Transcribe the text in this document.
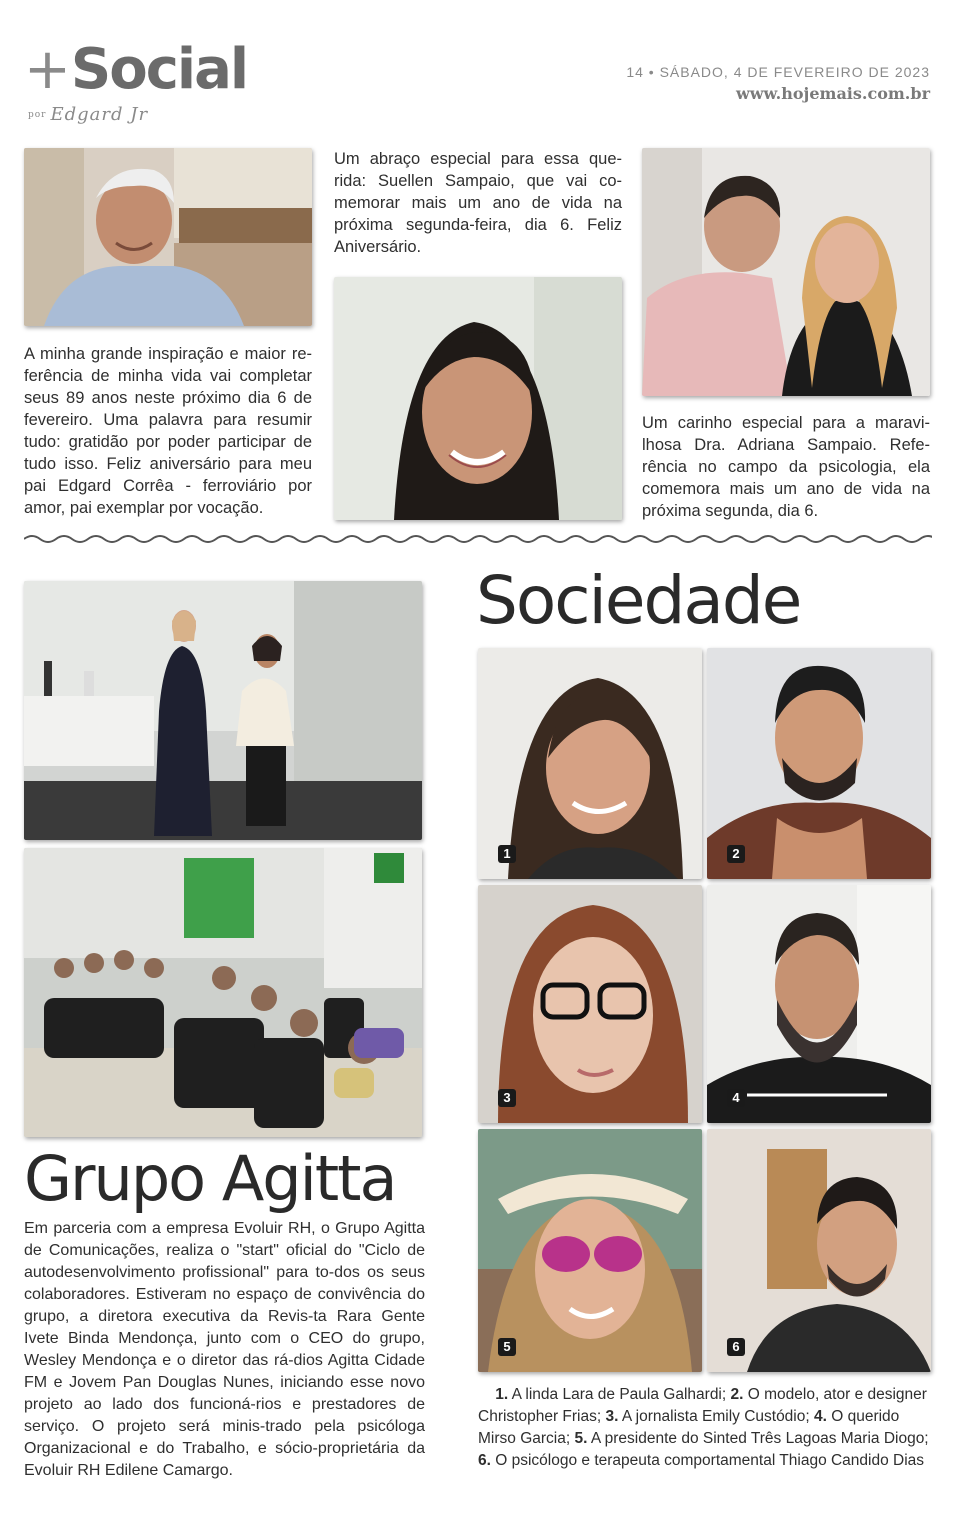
+Social
por Edgard Jr
14 • SÁBADO, 4 DE FEVEREIRO DE 2023
www.hojemais.com.br
A minha grande inspiração e maior re-ferência de minha vida vai completar seus 89 anos neste próximo dia 6 de fevereiro. Uma palavra para resumir tudo: gratidão por poder participar de tudo isso. Feliz aniversário para meu pai Edgard Corrêa - ferroviário por amor, pai exemplar por vocação.
Um abraço especial para essa que-rida: Suellen Sampaio, que vai co-memorar mais um ano de vida na próxima segunda-feira, dia 6. Feliz Aniversário.
Um carinho especial para a maravi-lhosa Dra. Adriana Sampaio. Refe-rência no campo da psicologia, ela comemora mais um ano de vida na próxima segunda, dia 6.
Grupo Agitta
Em parceria com a empresa Evoluir RH, o Grupo Agitta de Comunicações, realiza o "start" oficial do "Ciclo de autodesenvolvimento profissional" para to-dos os seus colaboradores. Estiveram no espaço de convivência do grupo, a diretora executiva da Revis-ta Rara Gente Ivete Binda Mendonça, junto com o CEO do grupo, Wesley Mendonça e o diretor das rá-dios Agitta Cidade FM e Jovem Pan Douglas Nunes, iniciando esse novo projeto ao lado dos funcioná-rios e prestadores de serviço. O projeto será minis-trado pela psicóloga Organizacional e do Trabalho, e sócio-proprietária da Evoluir RH Edilene Camargo.
Sociedade
1	2
3	4
5	6
1. A linda Lara de Paula Galhardi; 2. O modelo, ator e designer Christopher Frias; 3. A jornalista Emily Custódio; 4. O querido Mirso Garcia; 5. A presidente do Sinted Três Lagoas Maria Diogo; 6. O psicólogo e terapeuta comportamental Thiago Candido Dias
